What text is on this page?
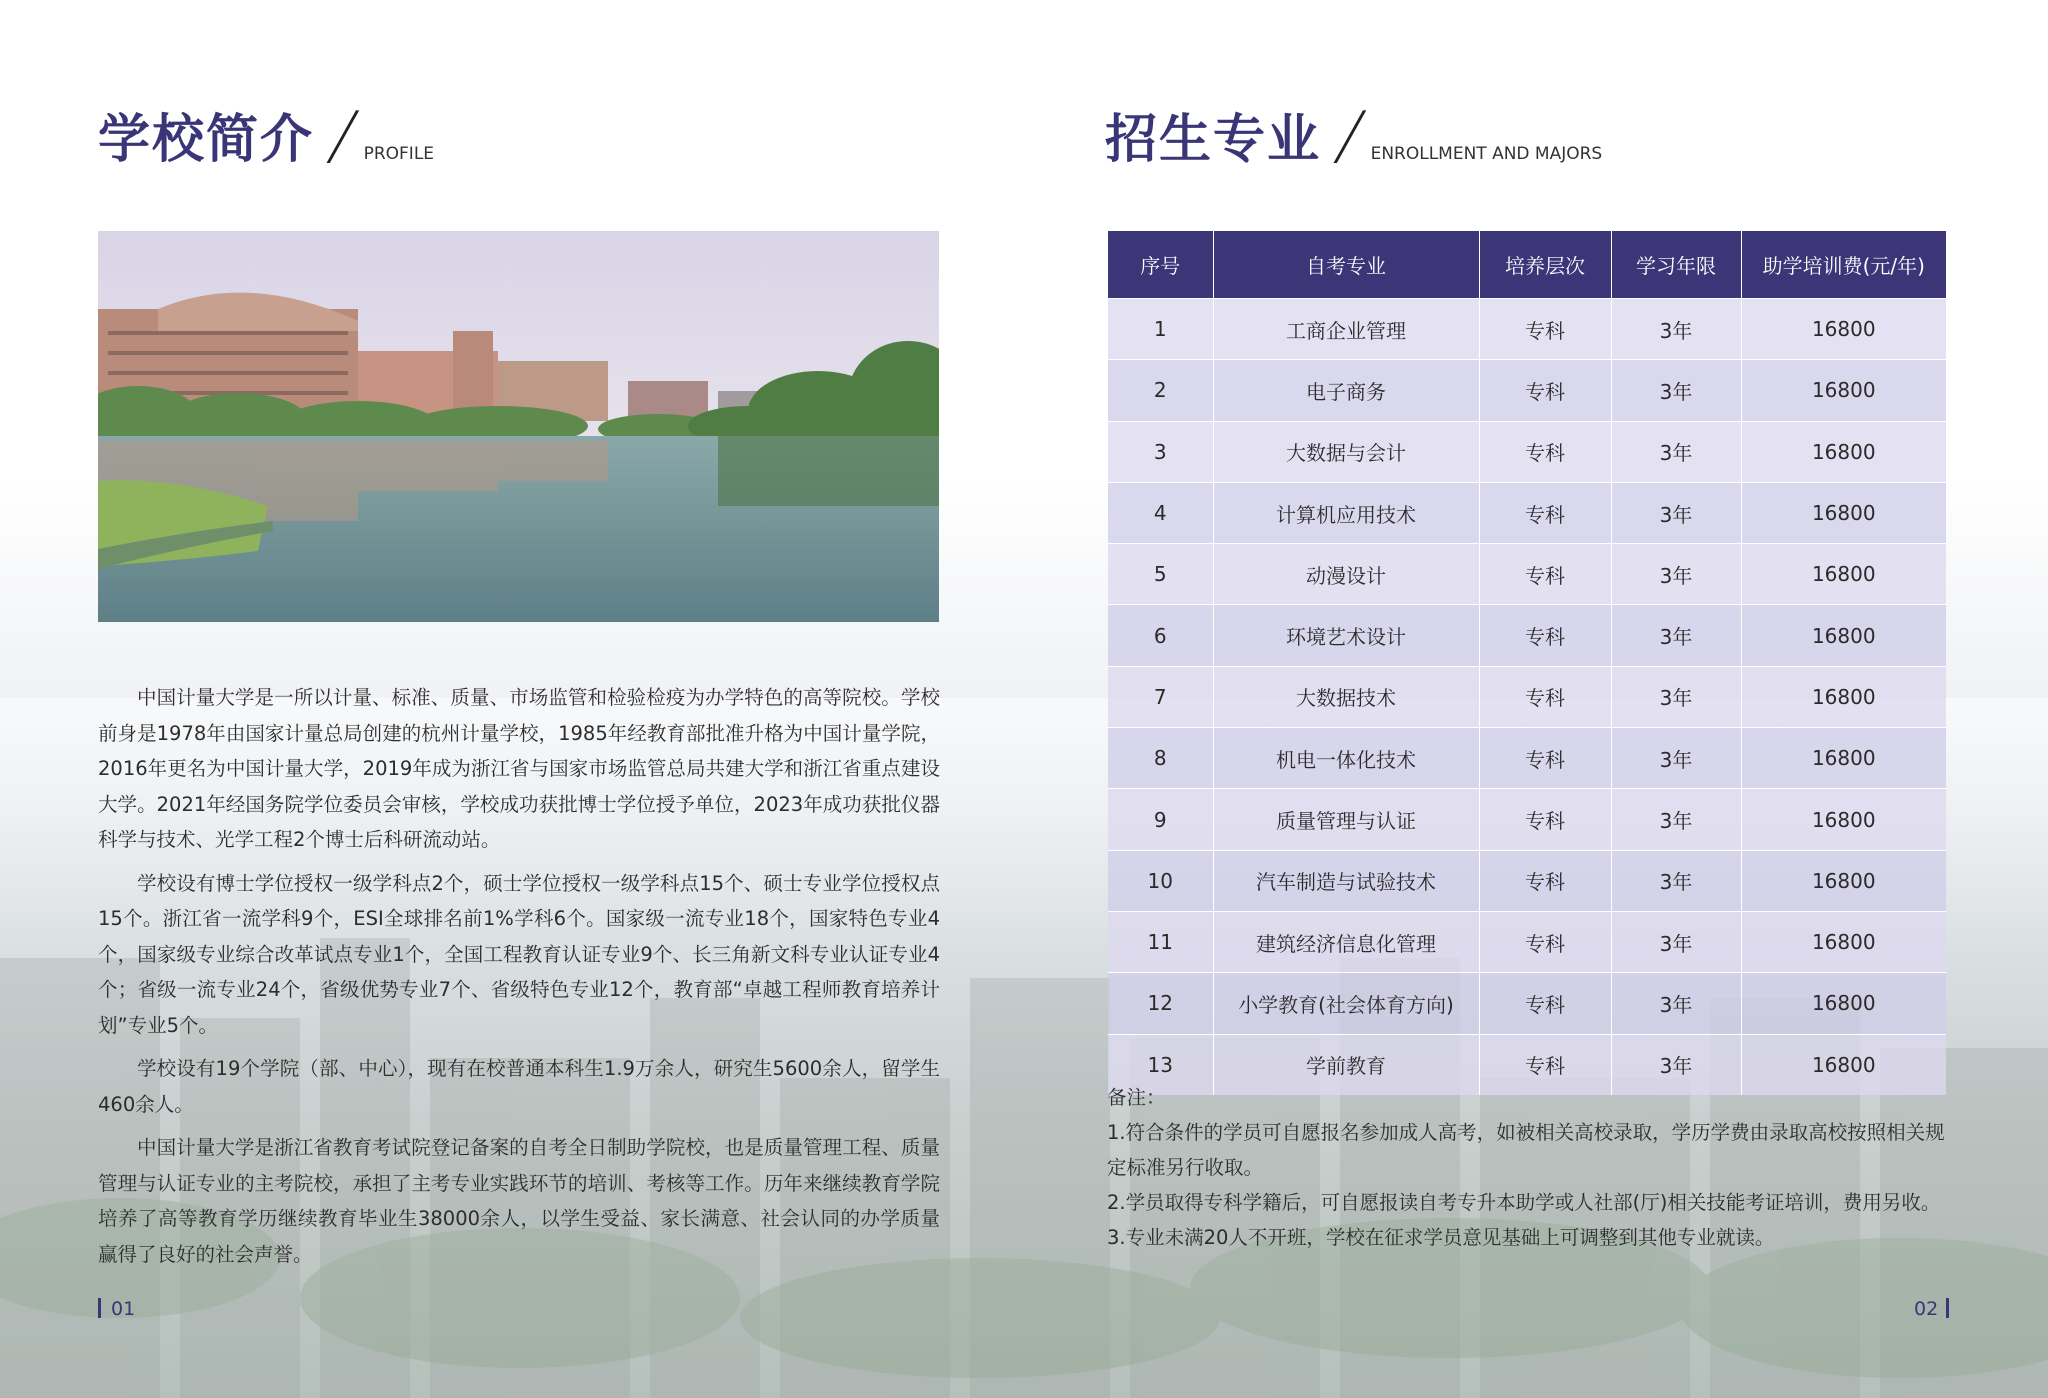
学校简介 / PROFILE	招生专业 / ENROLLMENT AND MAJORS

中国计量大学是一所以计量、标准、质量、市场监管和检验检疫为办学特色的高等院校。学校前身是1978年由国家计量总局创建的杭州计量学校，1985年经教育部批准升格为中国计量学院，2016年更名为中国计量大学，2019年成为浙江省与国家市场监管总局共建大学和浙江省重点建设大学。2021年经国务院学位委员会审核，学校成功获批博士学位授予单位，2023年成功获批仪器科学与技术、光学工程2个博士后科研流动站。

学校设有博士学位授权一级学科点2个，硕士学位授权一级学科点15个、硕士专业学位授权点15个。浙江省一流学科9个，ESI全球排名前1%学科6个。国家级一流专业18个，国家特色专业4个，国家级专业综合改革试点专业1个，全国工程教育认证专业9个、长三角新文科专业认证专业4个；省级一流专业24个，省级优势专业7个、省级特色专业12个，教育部“卓越工程师教育培养计划”专业5个。

学校设有19个学院（部、中心），现有在校普通本科生1.9万余人，研究生5600余人，留学生460余人。

中国计量大学是浙江省教育考试院登记备案的自考全日制助学院校，也是质量管理工程、质量管理与认证专业的主考院校，承担了主考专业实践环节的培训、考核等工作。历年来继续教育学院培养了高等教育学历继续教育毕业生38000余人，以学生受益、家长满意、社会认同的办学质量赢得了良好的社会声誉。

序号	自考专业	培养层次	学习年限	助学培训费(元/年)
1	工商企业管理	专科	3年	16800
2	电子商务	专科	3年	16800
3	大数据与会计	专科	3年	16800
4	计算机应用技术	专科	3年	16800
5	动漫设计	专科	3年	16800
6	环境艺术设计	专科	3年	16800
7	大数据技术	专科	3年	16800
8	机电一体化技术	专科	3年	16800
9	质量管理与认证	专科	3年	16800
10	汽车制造与试验技术	专科	3年	16800
11	建筑经济信息化管理	专科	3年	16800
12	小学教育(社会体育方向)	专科	3年	16800
13	学前教育	专科	3年	16800
备注：
1.符合条件的学员可自愿报名参加成人高考，如被相关高校录取，学历学费由录取高校按照相关规定标准另行收取。
2.学员取得专科学籍后，可自愿报读自考专升本助学或人社部(厅)相关技能考证培训，费用另收。
3.专业未满20人不开班，学校在征求学员意见基础上可调整到其他专业就读。
01	02
